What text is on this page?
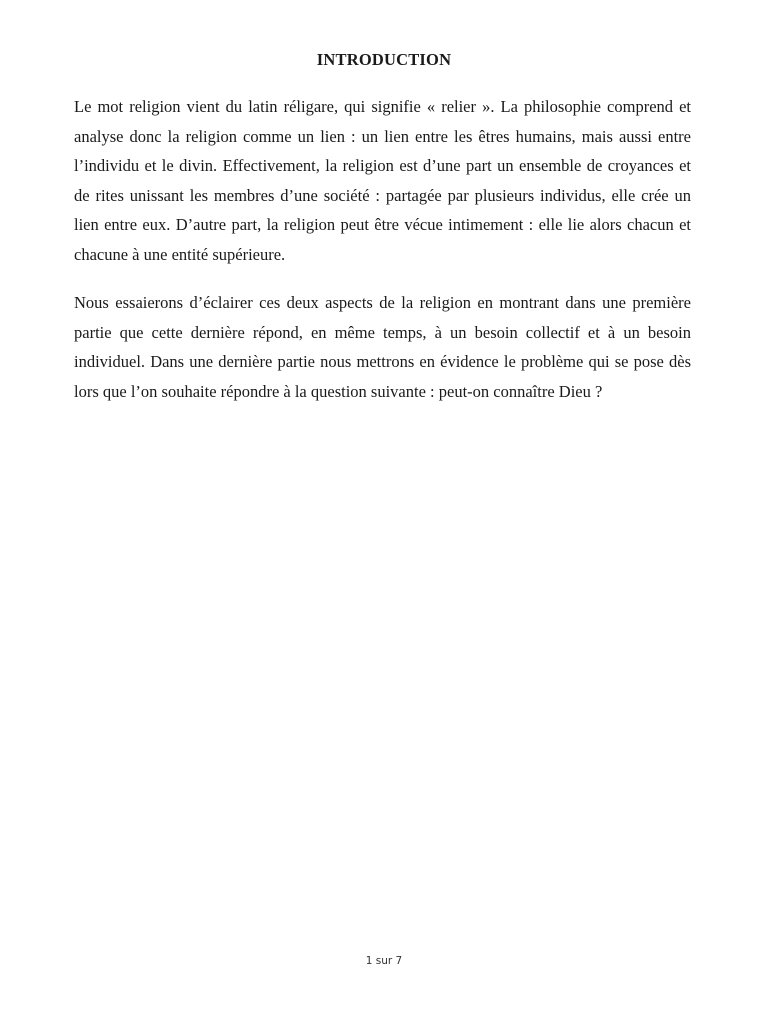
INTRODUCTION

Le mot religion vient du latin réligare, qui signifie « relier ». La philosophie comprend et analyse donc la religion comme un lien : un lien entre les êtres humains, mais aussi entre l’individu et le divin. Effectivement, la religion est d’une part un ensemble de croyances et de rites unissant les membres d’une société : partagée par plusieurs individus, elle crée un lien entre eux. D’autre part, la religion peut être vécue intimement : elle lie alors chacun et chacune à une entité supérieure.

Nous essaierons d’éclairer ces deux aspects de la religion en montrant dans une première partie que cette dernière répond, en même temps, à un besoin collectif et à un besoin individuel. Dans une dernière partie nous mettrons en évidence le problème qui se pose dès lors que l’on souhaite répondre à la question suivante : peut-on connaître Dieu ?

1 sur 7
